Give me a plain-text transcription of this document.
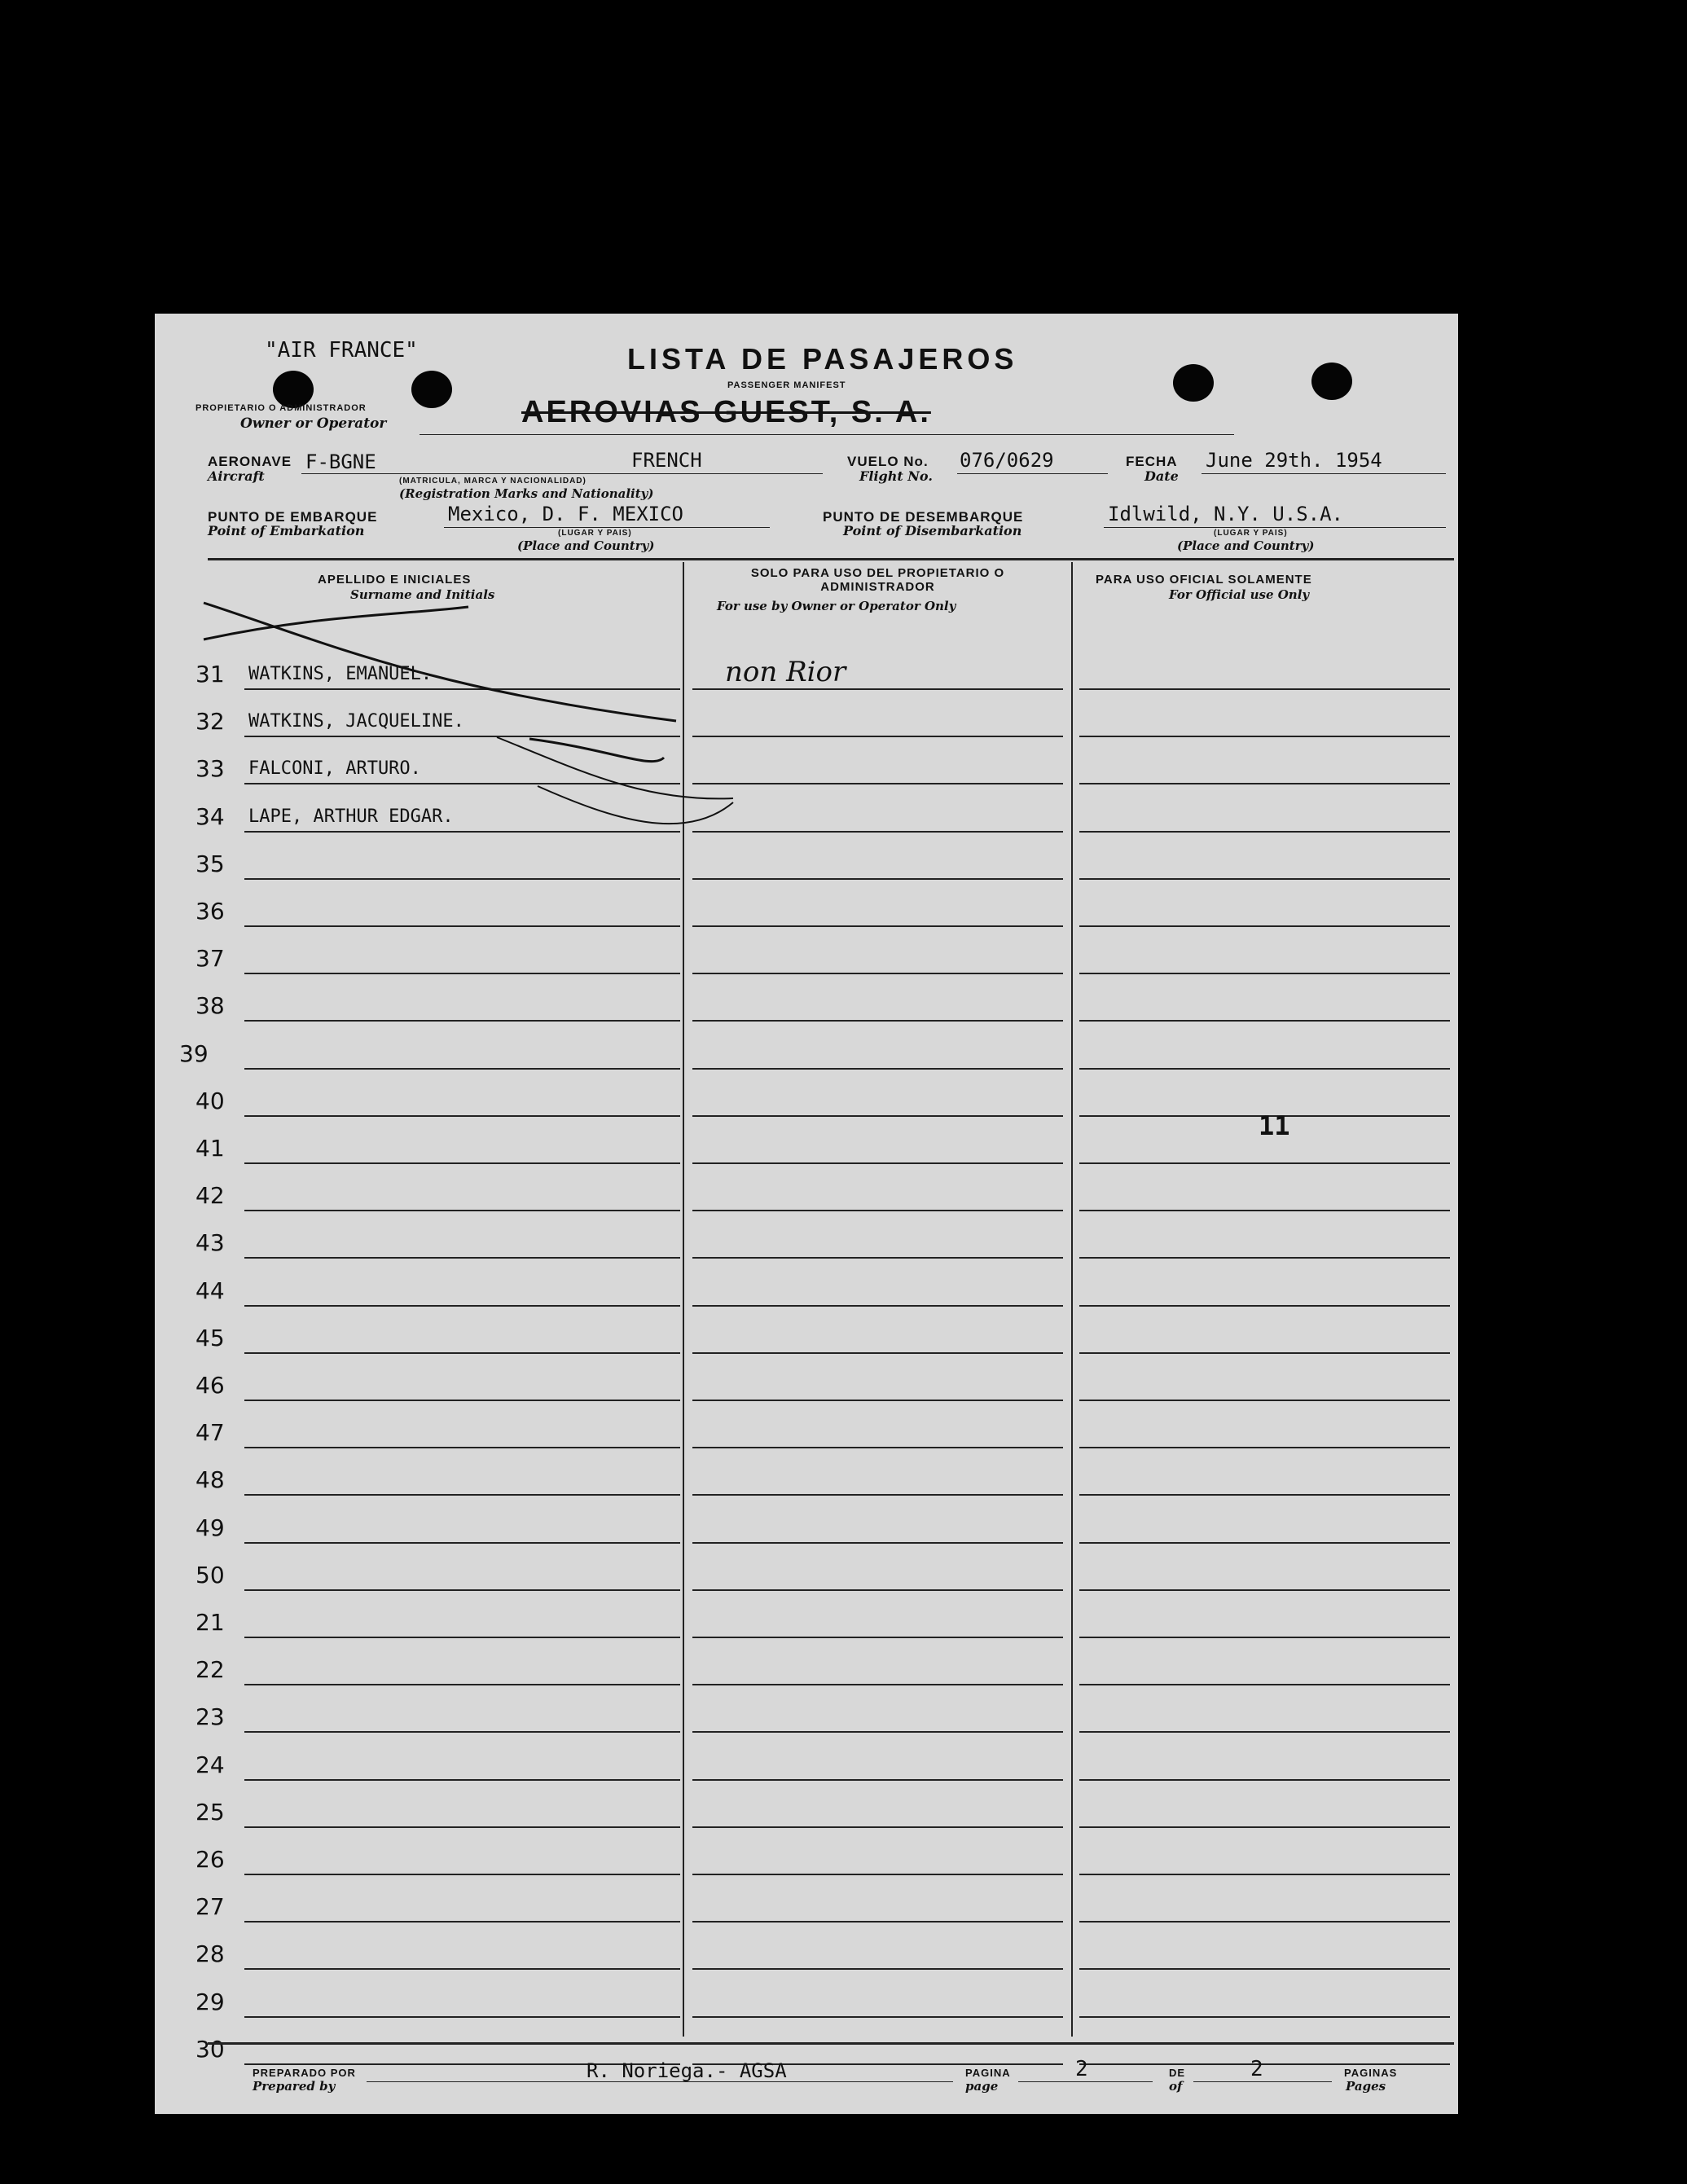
"AIR FRANCE"	LISTA DE PASAJEROS
PASSENGER MANIFEST
PROPIETARIO O ADMINISTRADOR
Owner or Operator	AEROVIAS GUEST, S. A.
AERONAVE
Aircraft
F-BGNE	FRENCH
(MATRICULA, MARCA Y NACIONALIDAD)
(Registration Marks and Nationality)
VUELO No.
Flight No.
076/0629	FECHA
Date
June 29th. 1954
PUNTO DE EMBARQUE
Point of Embarkation
Mexico, D. F. MEXICO
(LUGAR Y PAIS)
(Place and Country)
PUNTO DE DESEMBARQUE
Point of Disembarkation
Idlwild, N.Y. U.S.A.
(LUGAR Y PAIS)
(Place and Country)
APELLIDO E INICIALES
Surname and Initials
SOLO PARA USO DEL PROPIETARIO O ADMINISTRADOR
For use by Owner or Operator Only
PARA USO OFICIAL SOLAMENTE
For Official use Only
31 WATKINS, EMANUEL.	non Rior
32 WATKINS, JACQUELINE.
33 FALCONI, ARTURO.
34 LAPE, ARTHUR EDGAR.
35
36
37
38
39
40
41
42
43
44
45
46
47
48
49
50
21
22
23
24
25
26
27
28
29
30
11
PREPARADO POR
Prepared by
R. Noriega.- AGSA	PAGINA
page
2	DE
of
2	PAGINAS
Pages
